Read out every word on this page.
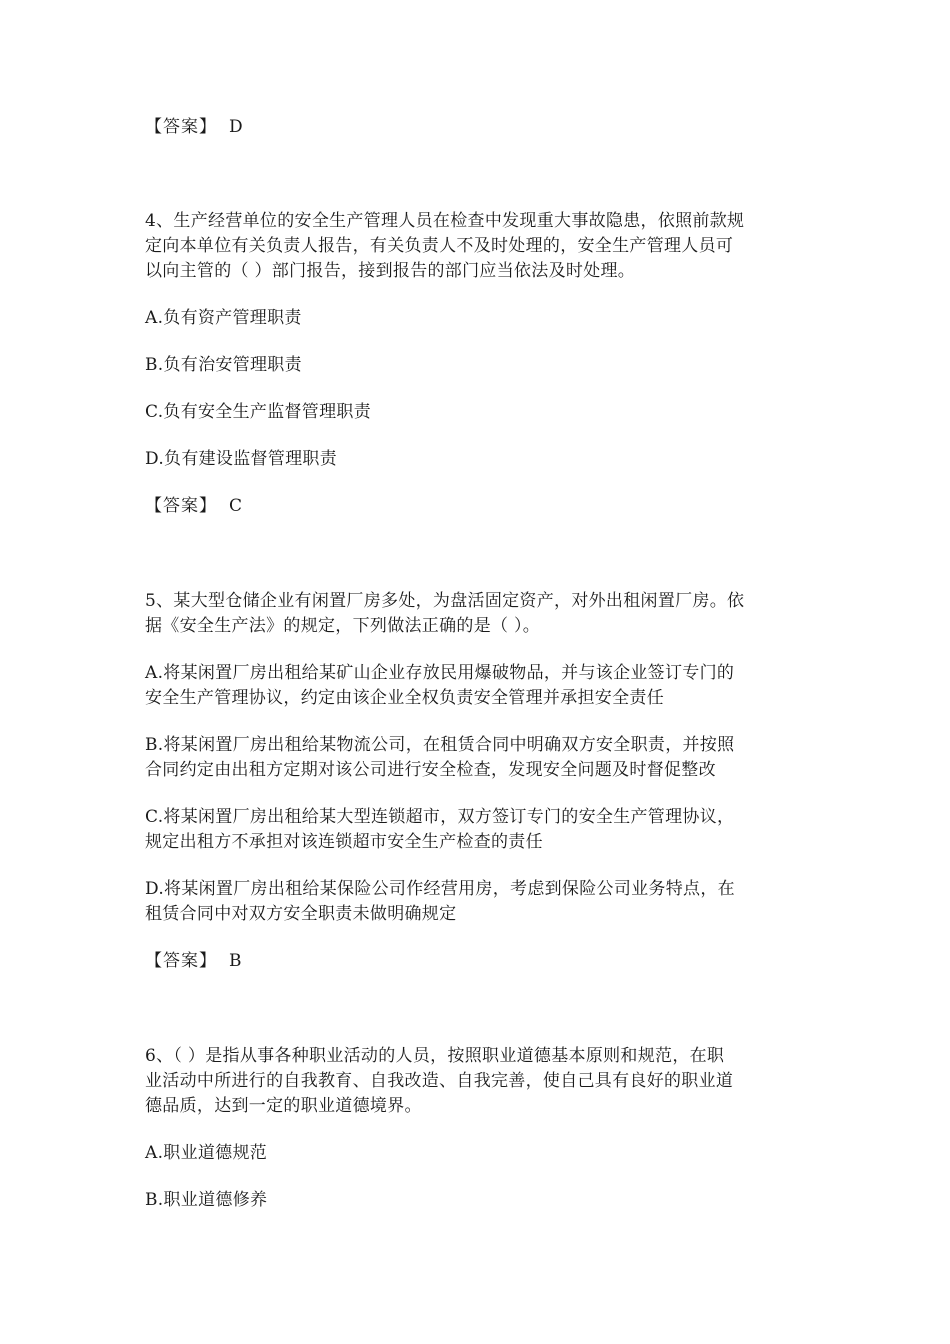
【答案】 D
4、生产经营单位的安全生产管理人员在检查中发现重大事故隐患，依照前款规
定向本单位有关负责人报告，有关负责人不及时处理的，安全生产管理人员可
以向主管的（ ）部门报告，接到报告的部门应当依法及时处理。
A.负有资产管理职责
B.负有治安管理职责
C.负有安全生产监督管理职责
D.负有建设监督管理职责
【答案】 C
5、某大型仓储企业有闲置厂房多处，为盘活固定资产，对外出租闲置厂房。依
据《安全生产法》的规定，下列做法正确的是（ ）。
A.将某闲置厂房出租给某矿山企业存放民用爆破物品，并与该企业签订专门的
安全生产管理协议，约定由该企业全权负责安全管理并承担安全责任
B.将某闲置厂房出租给某物流公司，在租赁合同中明确双方安全职责，并按照
合同约定由出租方定期对该公司进行安全检查，发现安全问题及时督促整改
C.将某闲置厂房出租给某大型连锁超市，双方签订专门的安全生产管理协议，
规定出租方不承担对该连锁超市安全生产检查的责任
D.将某闲置厂房出租给某保险公司作经营用房，考虑到保险公司业务特点，在
租赁合同中对双方安全职责未做明确规定
【答案】 B
6、（ ）是指从事各种职业活动的人员，按照职业道德基本原则和规范，在职
业活动中所进行的自我教育、自我改造、自我完善，使自己具有良好的职业道
德品质，达到一定的职业道德境界。
A.职业道德规范
B.职业道德修养
